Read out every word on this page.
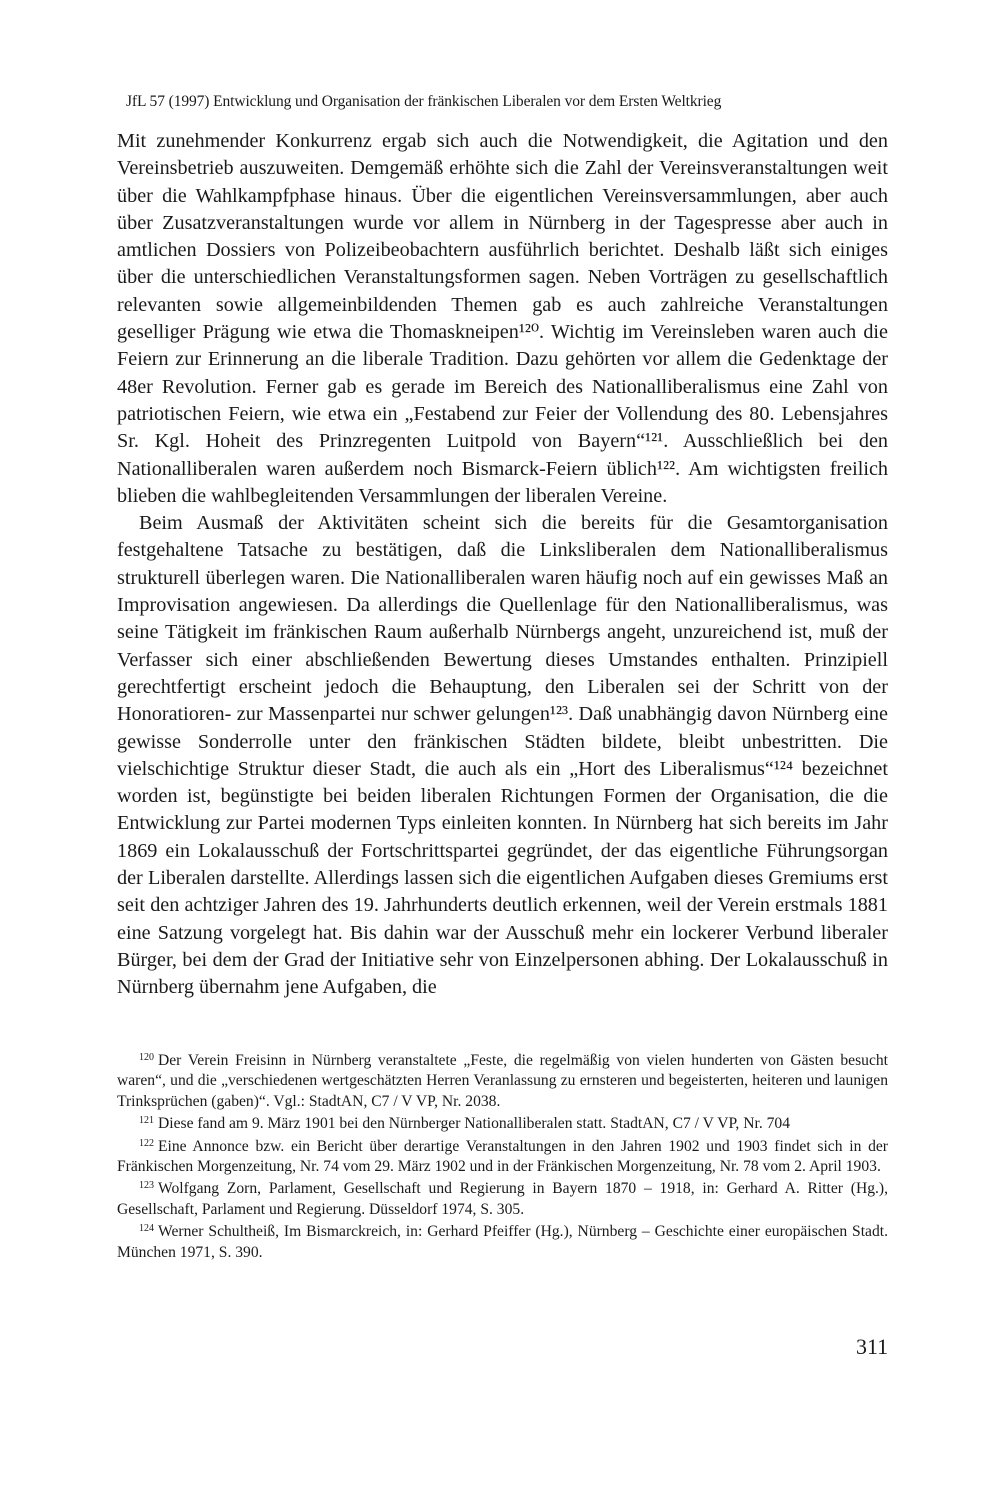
JfL 57 (1997) Entwicklung und Organisation der fränkischen Liberalen vor dem Ersten Weltkrieg

Mit zunehmender Konkurrenz ergab sich auch die Notwendigkeit, die Agitation und den Vereinsbetrieb auszuweiten. Demgemäß erhöhte sich die Zahl der Vereinsveranstaltungen weit über die Wahlkampfphase hinaus. Über die eigentlichen Vereinsversammlungen, aber auch über Zusatzveranstaltungen wurde vor allem in Nürnberg in der Tagespresse aber auch in amtlichen Dossiers von Polizeibeobachtern ausführlich berichtet. Deshalb läßt sich einiges über die unterschiedlichen Veranstaltungsformen sagen. Neben Vorträgen zu gesellschaftlich relevanten sowie allgemeinbildenden Themen gab es auch zahlreiche Veranstaltungen geselliger Prägung wie etwa die Thomaskneipen¹²⁰. Wichtig im Vereinsleben waren auch die Feiern zur Erinnerung an die liberale Tradition. Dazu gehörten vor allem die Gedenktage der 48er Revolution. Ferner gab es gerade im Bereich des Nationalliberalismus eine Zahl von patriotischen Feiern, wie etwa ein „Festabend zur Feier der Vollendung des 80. Lebensjahres Sr. Kgl. Hoheit des Prinzregenten Luitpold von Bayern“¹²¹. Ausschließlich bei den Nationalliberalen waren außerdem noch Bismarck-Feiern üblich¹²². Am wichtigsten freilich blieben die wahlbegleitenden Versammlungen der liberalen Vereine.

Beim Ausmaß der Aktivitäten scheint sich die bereits für die Gesamtorganisation festgehaltene Tatsache zu bestätigen, daß die Linksliberalen dem Nationalliberalismus strukturell überlegen waren. Die Nationalliberalen waren häufig noch auf ein gewisses Maß an Improvisation angewiesen. Da allerdings die Quellenlage für den Nationalliberalismus, was seine Tätigkeit im fränkischen Raum außerhalb Nürnbergs angeht, unzureichend ist, muß der Verfasser sich einer abschließenden Bewertung dieses Umstandes enthalten. Prinzipiell gerechtfertigt erscheint jedoch die Behauptung, den Liberalen sei der Schritt von der Honoratioren- zur Massenpartei nur schwer gelungen¹²³. Daß unabhängig davon Nürnberg eine gewisse Sonderrolle unter den fränkischen Städten bildete, bleibt unbestritten. Die vielschichtige Struktur dieser Stadt, die auch als ein „Hort des Liberalismus“¹²⁴ bezeichnet worden ist, begünstigte bei beiden liberalen Richtungen Formen der Organisation, die die Entwicklung zur Partei modernen Typs einleiten konnten. In Nürnberg hat sich bereits im Jahr 1869 ein Lokalausschuß der Fortschrittspartei gegründet, der das eigentliche Führungsorgan der Liberalen darstellte. Allerdings lassen sich die eigentlichen Aufgaben dieses Gremiums erst seit den achtziger Jahren des 19. Jahrhunderts deutlich erkennen, weil der Verein erstmals 1881 eine Satzung vorgelegt hat. Bis dahin war der Ausschuß mehr ein lockerer Verbund liberaler Bürger, bei dem der Grad der Initiative sehr von Einzelpersonen abhing. Der Lokalausschuß in Nürnberg übernahm jene Aufgaben, die

$^{120}$ Der Verein Freisinn in Nürnberg veranstaltete „Feste, die regelmäßig von vielen hunderten von Gästen besucht waren“, und die „verschiedenen wertgeschätzten Herren Veranlassung zu ernsteren und begeisterten, heiteren und launigen Trinksprüchen (gaben)“. Vgl.: StadtAN, C7 / V VP, Nr. 2038.

$^{121}$ Diese fand am 9. März 1901 bei den Nürnberger Nationalliberalen statt. StadtAN, C7 / V VP, Nr. 704

$^{122}$ Eine Annonce bzw. ein Bericht über derartige Veranstaltungen in den Jahren 1902 und 1903 findet sich in der Fränkischen Morgenzeitung, Nr. 74 vom 29. März 1902 und in der Fränkischen Morgenzeitung, Nr. 78 vom 2. April 1903.

$^{123}$ Wolfgang Zorn, Parlament, Gesellschaft und Regierung in Bayern 1870 – 1918, in: Gerhard A. Ritter (Hg.), Gesellschaft, Parlament und Regierung. Düsseldorf 1974, S. 305.

$^{124}$ Werner Schultheiß, Im Bismarckreich, in: Gerhard Pfeiffer (Hg.), Nürnberg – Geschichte einer europäischen Stadt. München 1971, S. 390.

311
